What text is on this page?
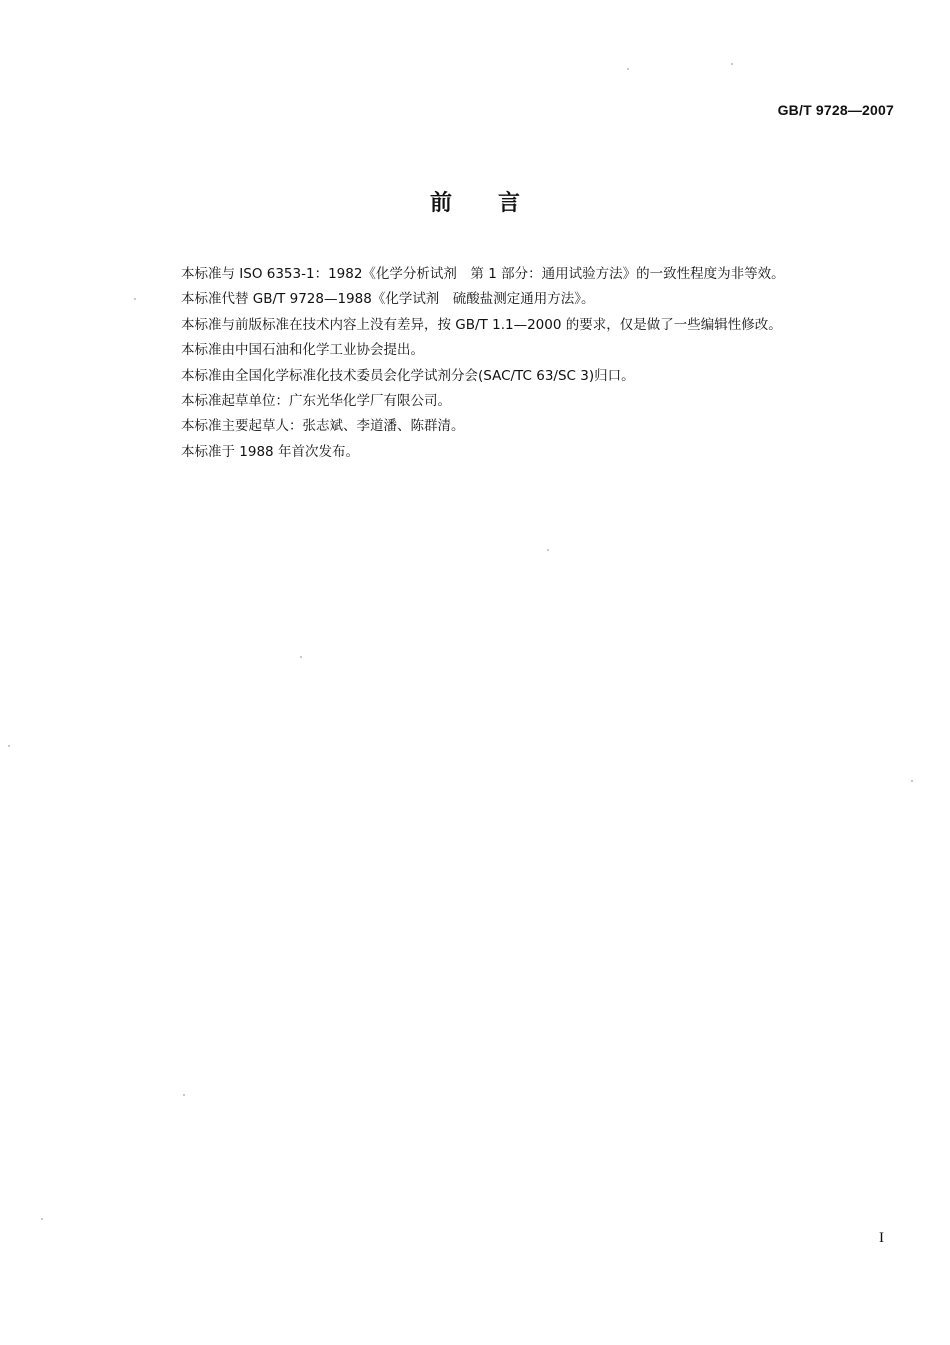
GB/T 9728—2007
前言

本标准与 ISO 6353-1：1982《化学分析试剂　第 1 部分：通用试验方法》的一致性程度为非等效。

本标准代替 GB/T 9728—1988《化学试剂　硫酸盐测定通用方法》。

本标准与前版标准在技术内容上没有差异，按 GB/T 1.1—2000 的要求，仅是做了一些编辑性修改。

本标准由中国石油和化学工业协会提出。

本标准由全国化学标准化技术委员会化学试剂分会(SAC/TC 63/SC 3)归口。

本标准起草单位：广东光华化学厂有限公司。

本标准主要起草人：张志斌、李道潘、陈群清。

本标准于 1988 年首次发布。

I
